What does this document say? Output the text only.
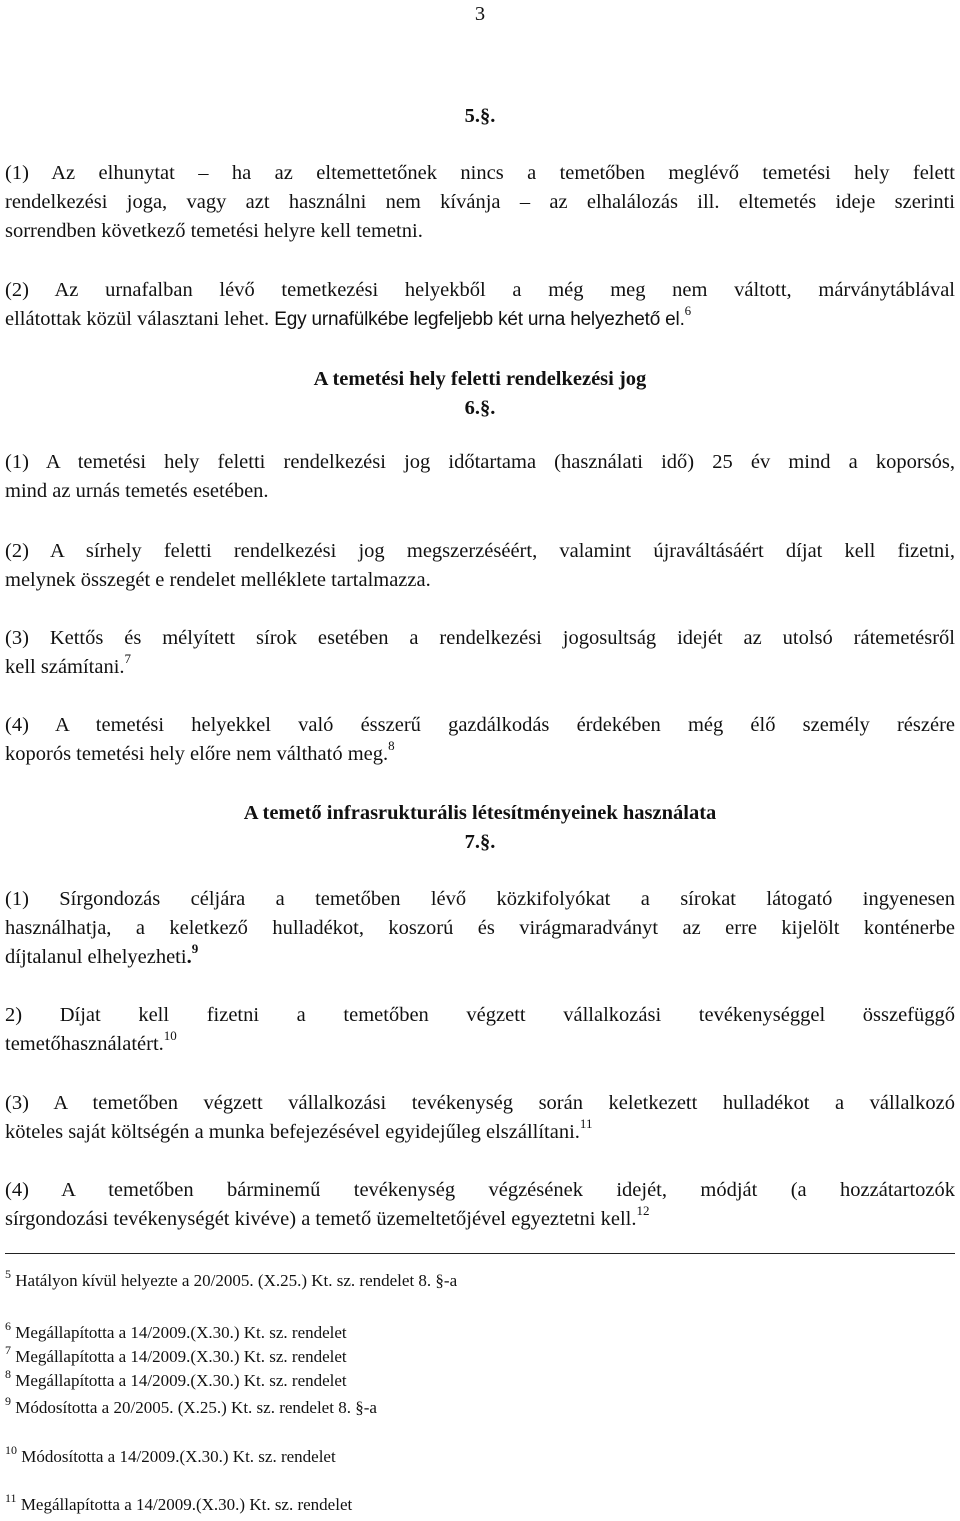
3
5.§.
(1) Az elhunytat – ha az eltemettetőnek nincs a temetőben meglévő temetési hely felett
rendelkezési joga, vagy azt használni nem kívánja – az elhalálozás ill. eltemetés ideje szerinti
sorrendben következő temetési helyre kell temetni.
(2) Az urnafalban lévő temetkezési helyekből a még meg nem váltott, márványtáblával
ellátottak közül választani lehet. Egy urnafülkébe legfeljebb két urna helyezhető el.$^6$
A temetési hely feletti rendelkezési jog
6.§.
(1) A temetési hely feletti rendelkezési jog időtartama (használati idő) 25 év mind a koporsós,
mind az urnás temetés esetében.
(2) A sírhely feletti rendelkezési jog megszerzéséért, valamint újraváltásáért díjat kell fizetni,
melynek összegét e rendelet melléklete tartalmazza.
(3) Kettős és mélyített sírok esetében a rendelkezési jogosultság idejét az utolsó rátemetésről
kell számítani.$^7$
(4) A temetési helyekkel való ésszerű gazdálkodás érdekében még élő személy részére
koporós temetési hely előre nem váltható meg.$^8$
A temető infrasrukturális létesítményeinek használata
7.§.
(1) Sírgondozás céljára a temetőben lévő közkifolyókat a sírokat látogató ingyenesen
használhatja, a keletkező hulladékot, koszorú és virágmaradványt az erre kijelölt konténerbe
díjtalanul elhelyezheti.$^9$
2) Díjat kell fizetni a temetőben végzett vállalkozási tevékenységgel összefüggő
temetőhasználatért.$^{10}$
(3) A temetőben végzett vállalkozási tevékenység során keletkezett hulladékot a vállalkozó
köteles saját költségén a munka befejezésével egyidejűleg elszállítani.$^{11}$
(4) A temetőben bárminemű tevékenység végzésének idejét, módját (a hozzátartozók
sírgondozási tevékenységét kivéve) a temető üzemeltetőjével egyeztetni kell.$^{12}$
$^5$ Hatályon kívül helyezte a 20/2005. (X.25.) Kt. sz. rendelet 8. §-a
$^6$ Megállapította a 14/2009.(X.30.) Kt. sz. rendelet
$^7$ Megállapította a 14/2009.(X.30.) Kt. sz. rendelet
$^8$ Megállapította a 14/2009.(X.30.) Kt. sz. rendelet
$^9$ Módosította a 20/2005. (X.25.) Kt. sz. rendelet 8. §-a
$^{10}$ Módosította a 14/2009.(X.30.) Kt. sz. rendelet
$^{11}$ Megállapította a 14/2009.(X.30.) Kt. sz. rendelet
